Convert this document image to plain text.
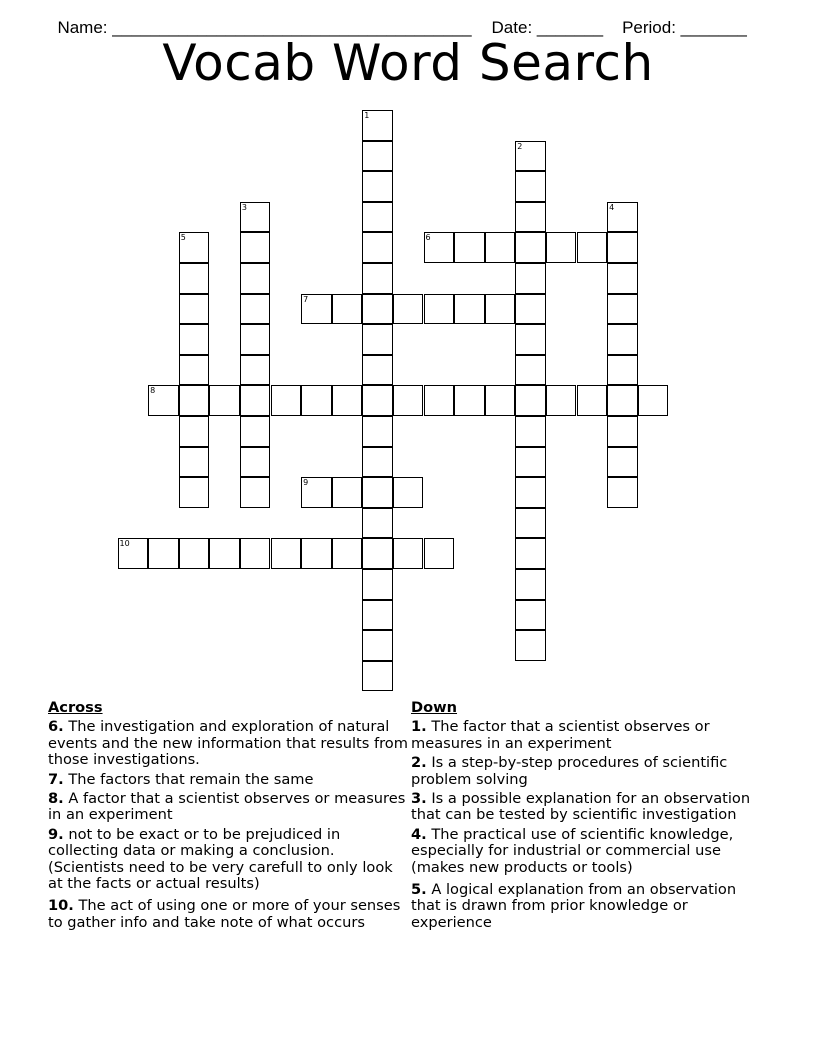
Name: ______________________________________ Date: _______ Period: _______

Vocab Word Search
1
2
3	4
5	6
7
8
9
10
Across
6. The investigation and exploration of natural events and the new information that results from those investigations.
7. The factors that remain the same
8. A factor that a scientist observes or measures in an experiment
9. not to be exact or to be prejudiced in collecting data or making a conclusion. (Scientists need to be very carefull to only look at the facts or actual results)
10. The act of using one or more of your senses to gather info and take note of what occurs
Down
1. The factor that a scientist observes or measures in an experiment
2. Is a step-by-step procedures of scientific problem solving
3. Is a possible explanation for an observation that can be tested by scientific investigation
4. The practical use of scientific knowledge, especially for industrial or commercial use (makes new products or tools)
5. A logical explanation from an observation that is drawn from prior knowledge or experience
